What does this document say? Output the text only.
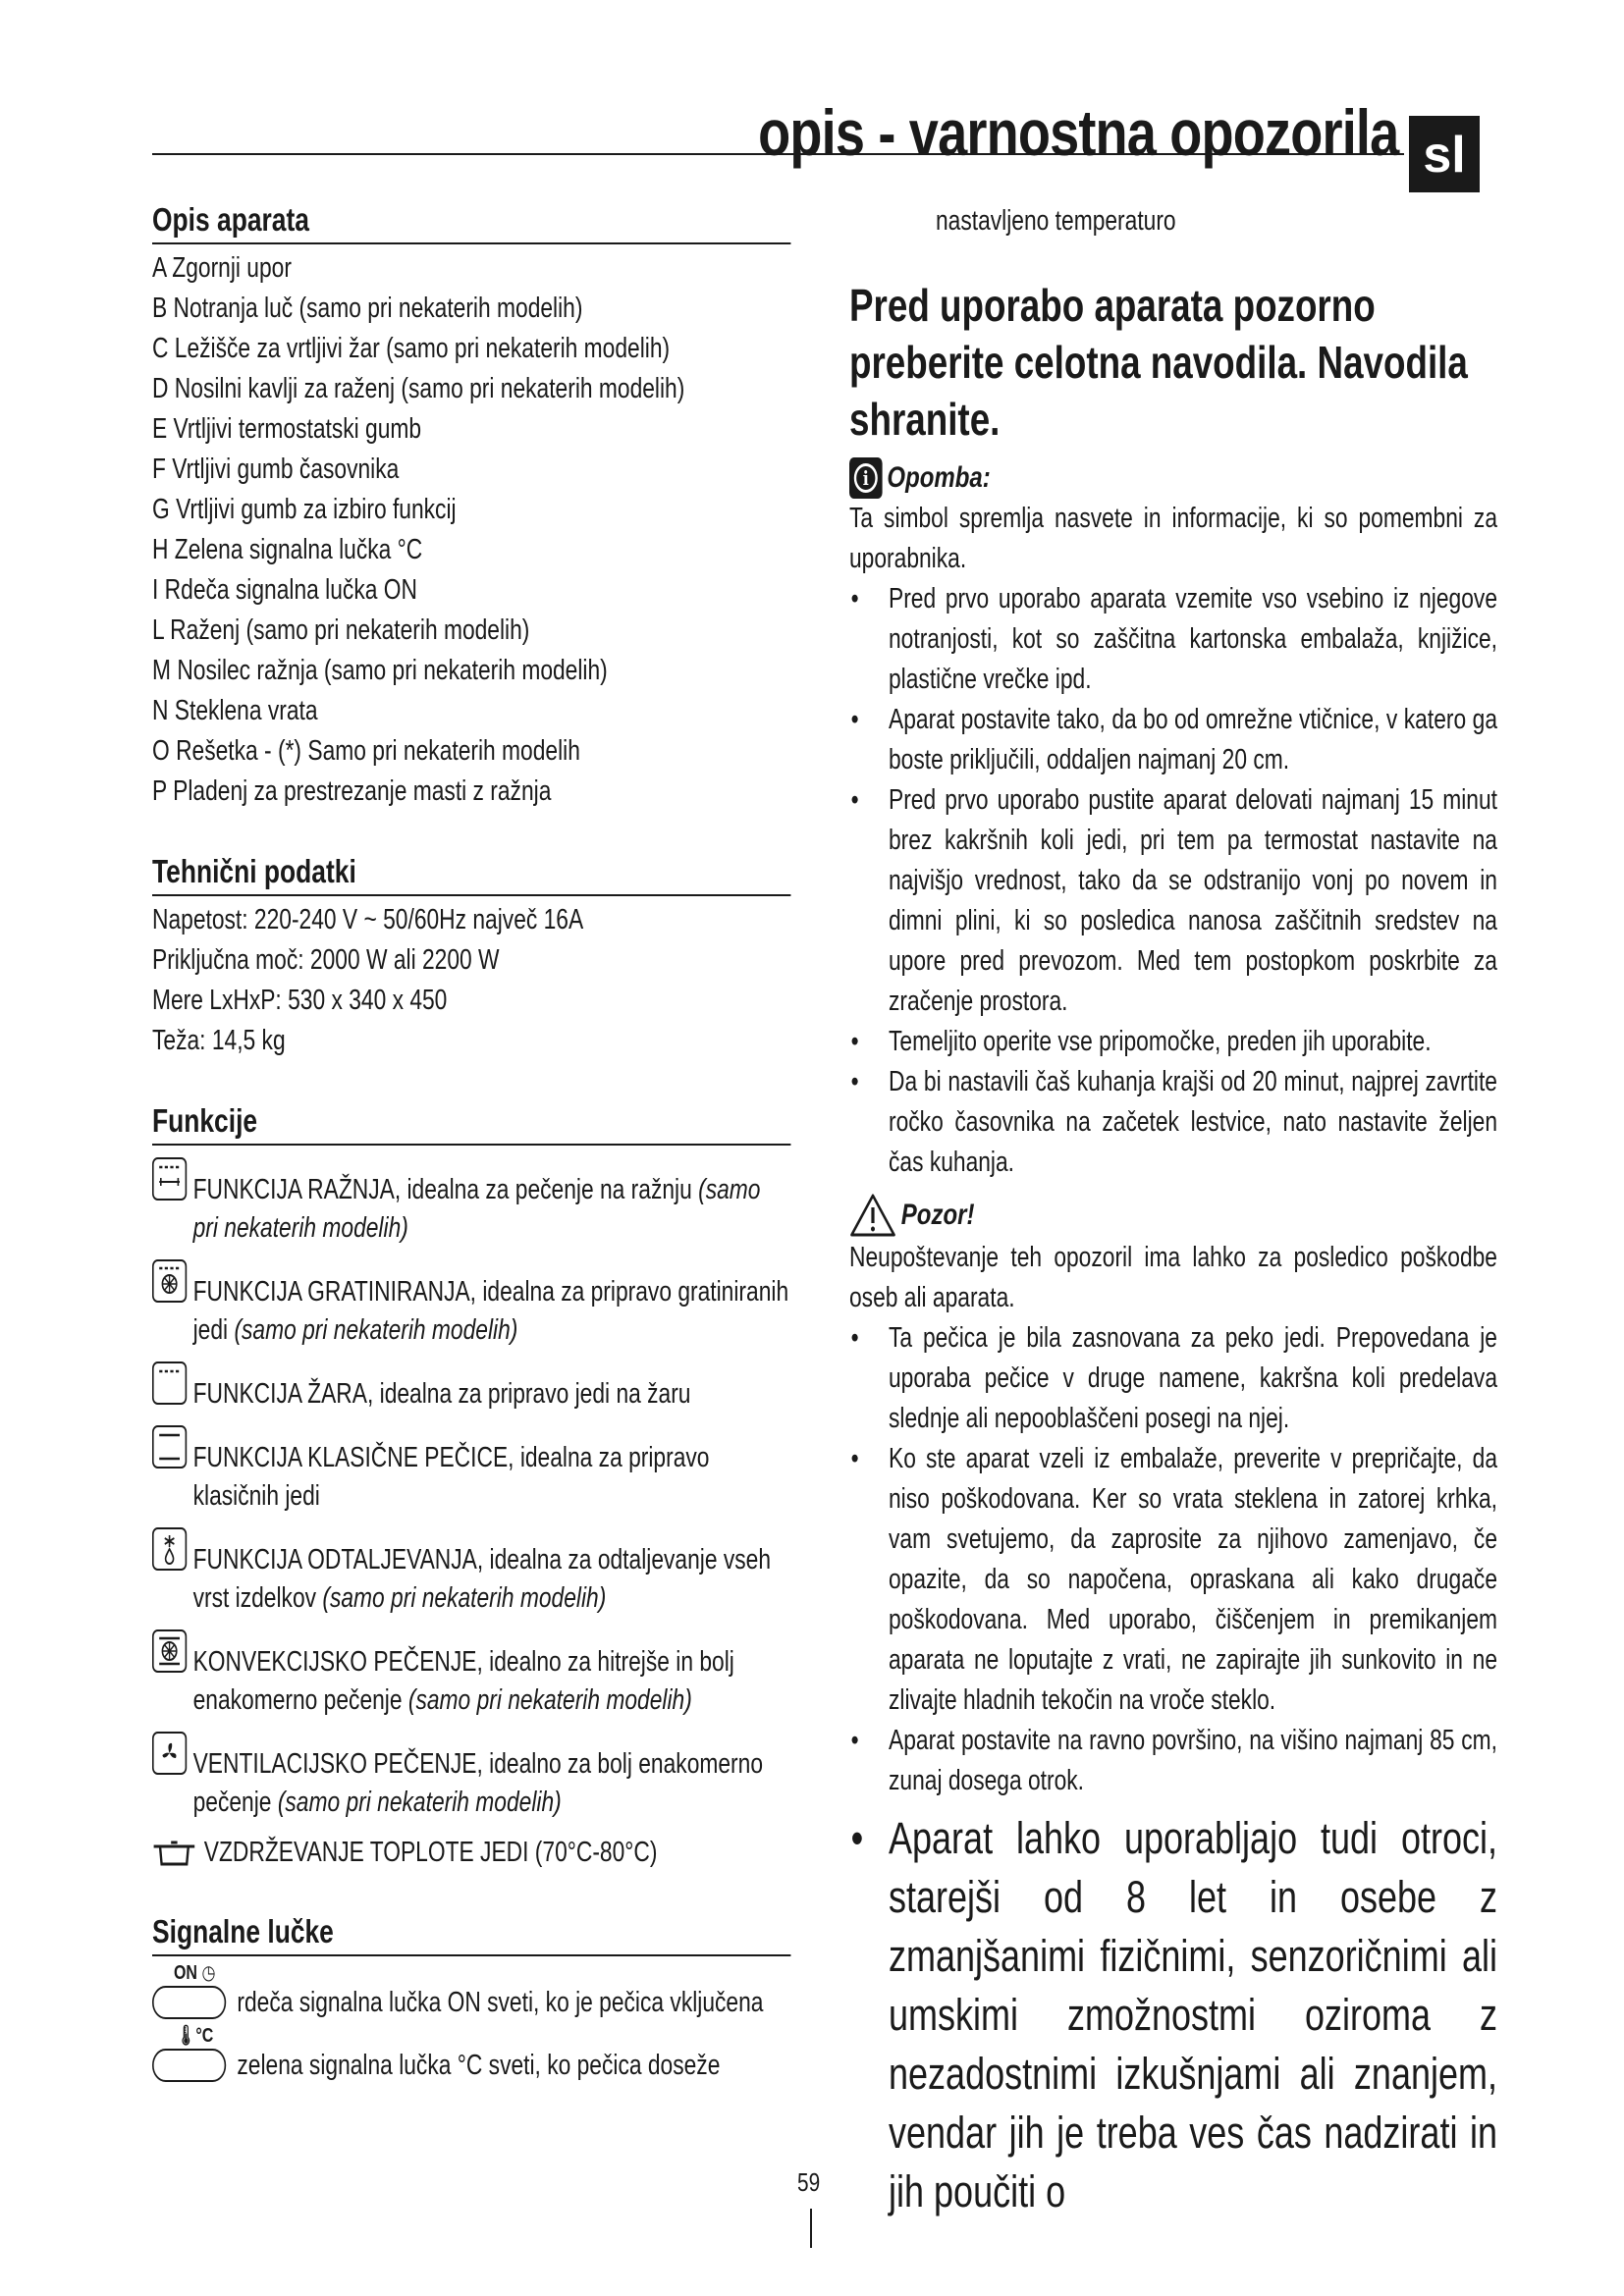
opis - varnostna opozorila sl
Opis aparata
A Zgornji upor
B Notranja luč (samo pri nekaterih modelih)
C Ležišče za vrtljivi žar (samo pri nekaterih modelih)
D Nosilni kavlji za raženj (samo pri nekaterih modelih)
E Vrtljivi termostatski gumb
F Vrtljivi gumb časovnika
G Vrtljivi gumb za izbiro funkcij
H Zelena signalna lučka °C
I Rdeča signalna lučka ON
L Raženj (samo pri nekaterih modelih)
M Nosilec ražnja (samo pri nekaterih modelih)
N Steklena vrata
O Rešetka - (*) Samo pri nekaterih modelih
P Pladenj za prestrezanje masti z ražnja
Tehnični podatki
Napetost: 220-240 V ~ 50/60Hz največ 16A
Priključna moč: 2000 W ali 2200 W
Mere LxHxP: 530 x 340 x 450
Teža: 14,5 kg
Funkcije
FUNKCIJA RAŽNJA, idealna za pečenje na ražnju (samo pri nekaterih modelih)
FUNKCIJA GRATINIRANJA, idealna za pripravo gratiniranih jedi (samo pri nekaterih modelih)
FUNKCIJA ŽARA, idealna za pripravo jedi na žaru
FUNKCIJA KLASIČNE PEČICE, idealna za pripravo klasičnih jedi
FUNKCIJA ODTALJEVANJA, idealna za odtaljevanje vseh vrst izdelkov (samo pri nekaterih modelih)
KONVEKCIJSKO PEČENJE, idealno za hitrejše in bolj enakomerno pečenje (samo pri nekaterih modelih)
VENTILACIJSKO PEČENJE, idealno za bolj enakomerno pečenje (samo pri nekaterih modelih)
VZDRŽEVANJE TOPLOTE JEDI (70°C-80°C)
Signalne lučke
ON ◷
rdeča signalna lučka ON sveti, ko je pečica vključena
🌡°C
zelena signalna lučka °C sveti, ko pečica doseže
nastavljeno temperaturo
Pred uporabo aparata pozorno preberite celotna navodila. Navodila shranite.
i Opomba:
Ta simbol spremlja nasvete in informacije, ki so pomembni za uporabnika.
•	Pred prvo uporabo aparata vzemite vso vsebino iz njegove notranjosti, kot so zaščitna kartonska embalaža, knjižice, plastične vrečke ipd.
•	Aparat postavite tako, da bo od omrežne vtičnice, v katero ga boste priključili, oddaljen najmanj 20 cm.
•	Pred prvo uporabo pustite aparat delovati najmanj 15 minut brez kakršnih koli jedi, pri tem pa termostat nastavite na najvišjo vrednost, tako da se odstranijo vonj po novem in dimni plini, ki so posledica nanosa zaščitnih sredstev na upore pred prevozom. Med tem postopkom poskrbite za zračenje prostora.
•	Temeljito operite vse pripomočke, preden jih uporabite.
•	Da bi nastavili čaš kuhanja krajši od 20 minut, najprej zavrtite ročko časovnika na začetek lestvice, nato nastavite željen čas kuhanja.
Pozor!
Neupoštevanje teh opozoril ima lahko za posledico poškodbe oseb ali aparata.
•	Ta pečica je bila zasnovana za peko jedi. Prepovedana je uporaba pečice v druge namene, kakršna koli predelava slednje ali nepooblaščeni posegi na njej.
•	Ko ste aparat vzeli iz embalaže, preverite v prepričajte, da niso poškodovana. Ker so vrata steklena in zatorej krhka, vam svetujemo, da zaprosite za njihovo zamenjavo, če opazite, da so napočena, opraskana ali kako drugače poškodovana. Med uporabo, čiščenjem in premikanjem aparata ne loputajte z vrati, ne zapirajte jih sunkovito in ne zlivajte hladnih tekočin na vroče steklo.
•	Aparat postavite na ravno površino, na višino najmanj 85 cm, zunaj dosega otrok.
• Aparat lahko uporabljajo tudi otroci, starejši od 8 let in osebe z zmanjšanimi fizičnimi, senzoričnimi ali umskimi zmožnostmi oziroma z nezadostnimi izkušnjami ali znanjem, vendar jih je treba ves čas nadzirati in jih poučiti o
59
